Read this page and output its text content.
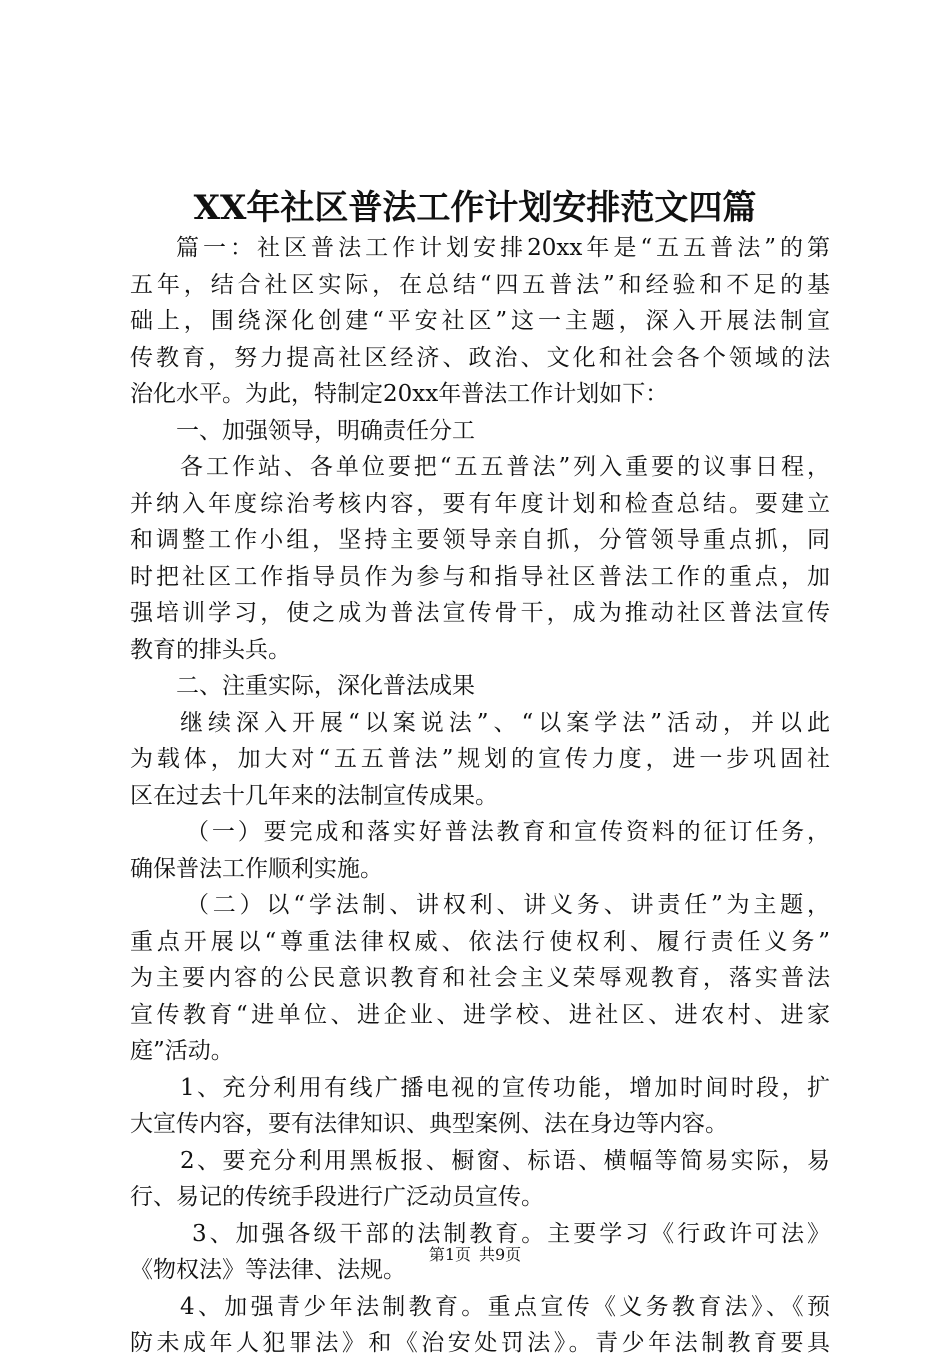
XX年社区普法工作计划安排范文四篇
篇一：社区普法工作计划安排20xx年是“五五普法”的第
五年，结合社区实际，在总结“四五普法”和经验和不足的基
础上，围绕深化创建“平安社区”这一主题，深入开展法制宣
传教育，努力提高社区经济、政治、文化和社会各个领域的法
治化水平。为此，特制定20xx年普法工作计划如下：
一、加强领导，明确责任分工
各工作站、各单位要把“五五普法”列入重要的议事日程，
并纳入年度综治考核内容，要有年度计划和检查总结。要建立
和调整工作小组，坚持主要领导亲自抓，分管领导重点抓，同
时把社区工作指导员作为参与和指导社区普法工作的重点，加
强培训学习，使之成为普法宣传骨干，成为推动社区普法宣传
教育的排头兵。
二、注重实际，深化普法成果
继续深入开展“以案说法”、“以案学法”活动，并以此
为载体，加大对“五五普法”规划的宣传力度，进一步巩固社
区在过去十几年来的法制宣传成果。
（一）要完成和落实好普法教育和宣传资料的征订任务，
确保普法工作顺利实施。
（二）以“学法制、讲权利、讲义务、讲责任”为主题，
重点开展以“尊重法律权威、依法行使权利、履行责任义务”
为主要内容的公民意识教育和社会主义荣辱观教育，落实普法
宣传教育“进单位、进企业、进学校、进社区、进农村、进家
庭”活动。
1、充分利用有线广播电视的宣传功能，增加时间时段，扩
大宣传内容，要有法律知识、典型案例、法在身边等内容。
2、要充分利用黑板报、橱窗、标语、横幅等简易实际，易
行、易记的传统手段进行广泛动员宣传。
3、加强各级干部的法制教育。主要学习《行政许可法》
《物权法》等法律、法规。
4、加强青少年法制教育。重点宣传《义务教育法》、《预
防未成年人犯罪法》和《治安处罚法》。青少年法制教育要具
第1页 共9页
